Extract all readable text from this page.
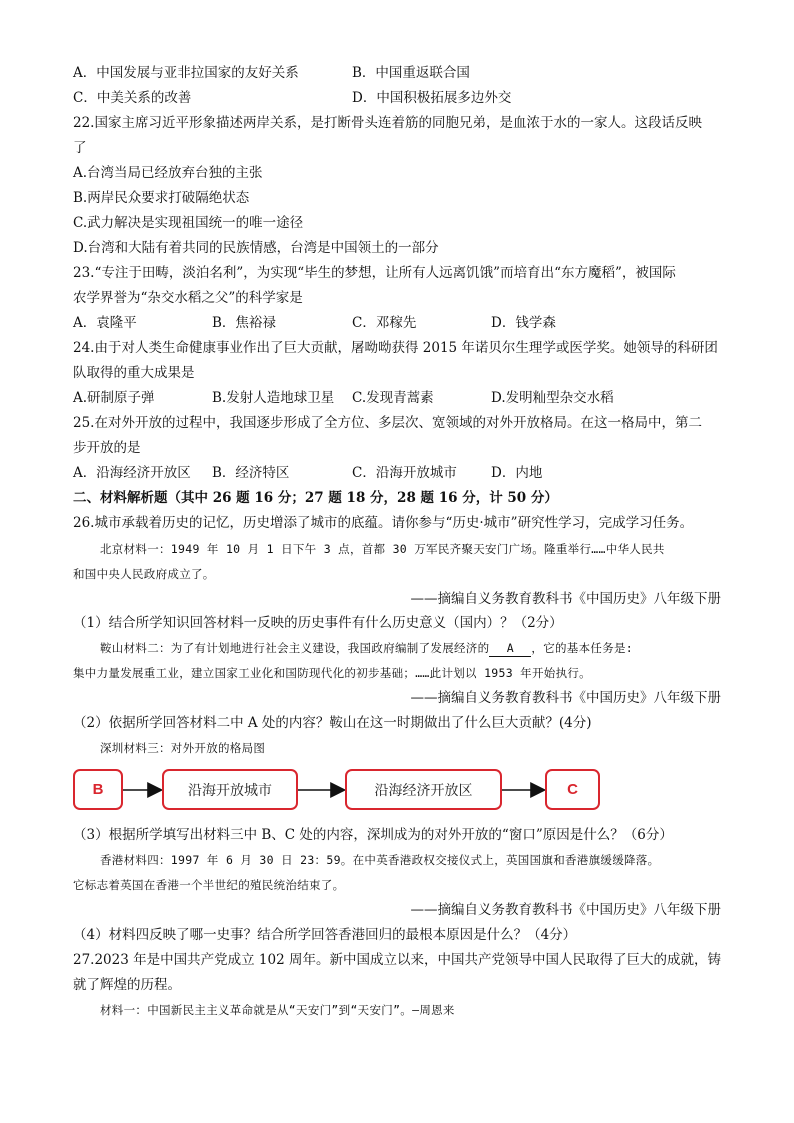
A．中国发展与亚非拉国家的友好关系	B．中国重返联合国
C．中美关系的改善	D．中国积极拓展多边外交
22.国家主席习近平形象描述两岸关系，是打断骨头连着筋的同胞兄弟，是血浓于水的一家人。这段话反映
了
A.台湾当局已经放弃台独的主张
B.两岸民众要求打破隔绝状态
C.武力解决是实现祖国统一的唯一途径
D.台湾和大陆有着共同的民族情感，台湾是中国领土的一部分
23.“专注于田畴，淡泊名利”，为实现“毕生的梦想，让所有人远离饥饿”而培育出“东方魔稻”，被国际
农学界誉为“杂交水稻之父”的科学家是
A．袁隆平	B．焦裕禄	C．邓稼先	D．钱学森
24.由于对人类生命健康事业作出了巨大贡献，屠呦呦获得 2015 年诺贝尔生理学或医学奖。她领导的科研团
队取得的重大成果是
A.研制原子弹	B.发射人造地球卫星 C.发现青蒿素	D.发明籼型杂交水稻
25.在对外开放的过程中，我国逐步形成了全方位、多层次、宽领域的对外开放格局。在这一格局中，第二
步开放的是
A．沿海经济开放区 B．经济特区	C．沿海开放城市	D．内地
二、材料解析题（其中 26 题 16 分；27 题 18 分，28 题 16 分，计 50 分）
26.城市承载着历史的记忆，历史增添了城市的底蕴。请你参与“历史·城市”研究性学习，完成学习任务。
北京材料一：1949 年 10 月 1 日下午 3 点，首都 30 万军民齐聚天安门广场。隆重举行……中华人民共
和国中央人民政府成立了。
——摘编自义务教育教科书《中国历史》八年级下册
（1）结合所学知识回答材料一反映的历史事件有什么历史意义（国内）？（2分）
鞍山材料二：为了有计划地进行社会主义建设，我国政府编制了发展经济的 A ，它的基本任务是:
集中力量发展重工业，建立国家工业化和国防现代化的初步基础；……此计划以 1953 年开始执行。
——摘编自义务教育教科书《中国历史》八年级下册
（2）依据所学回答材料二中 A 处的内容？鞍山在这一时期做出了什么巨大贡献？(4分)
深圳材料三：对外开放的格局图
B	沿海开放城市	沿海经济开放区	C
（3）根据所学填写出材料三中 B、C 处的内容，深圳成为的对外开放的“窗口”原因是什么？（6分）
香港材料四：1997 年 6 月 30 日 23：59。在中英香港政权交接仪式上，英国国旗和香港旗缓缓降落。
它标志着英国在香港一个半世纪的殖民统治结束了。
——摘编自义务教育教科书《中国历史》八年级下册
（4）材料四反映了哪一史事？结合所学回答香港回归的最根本原因是什么？（4分）
27.2023 年是中国共产党成立 102 周年。新中国成立以来，中国共产党领导中国人民取得了巨大的成就，铸
就了辉煌的历程。
材料一：中国新民主主义革命就是从“天安门”到“天安门”。—周恩来
